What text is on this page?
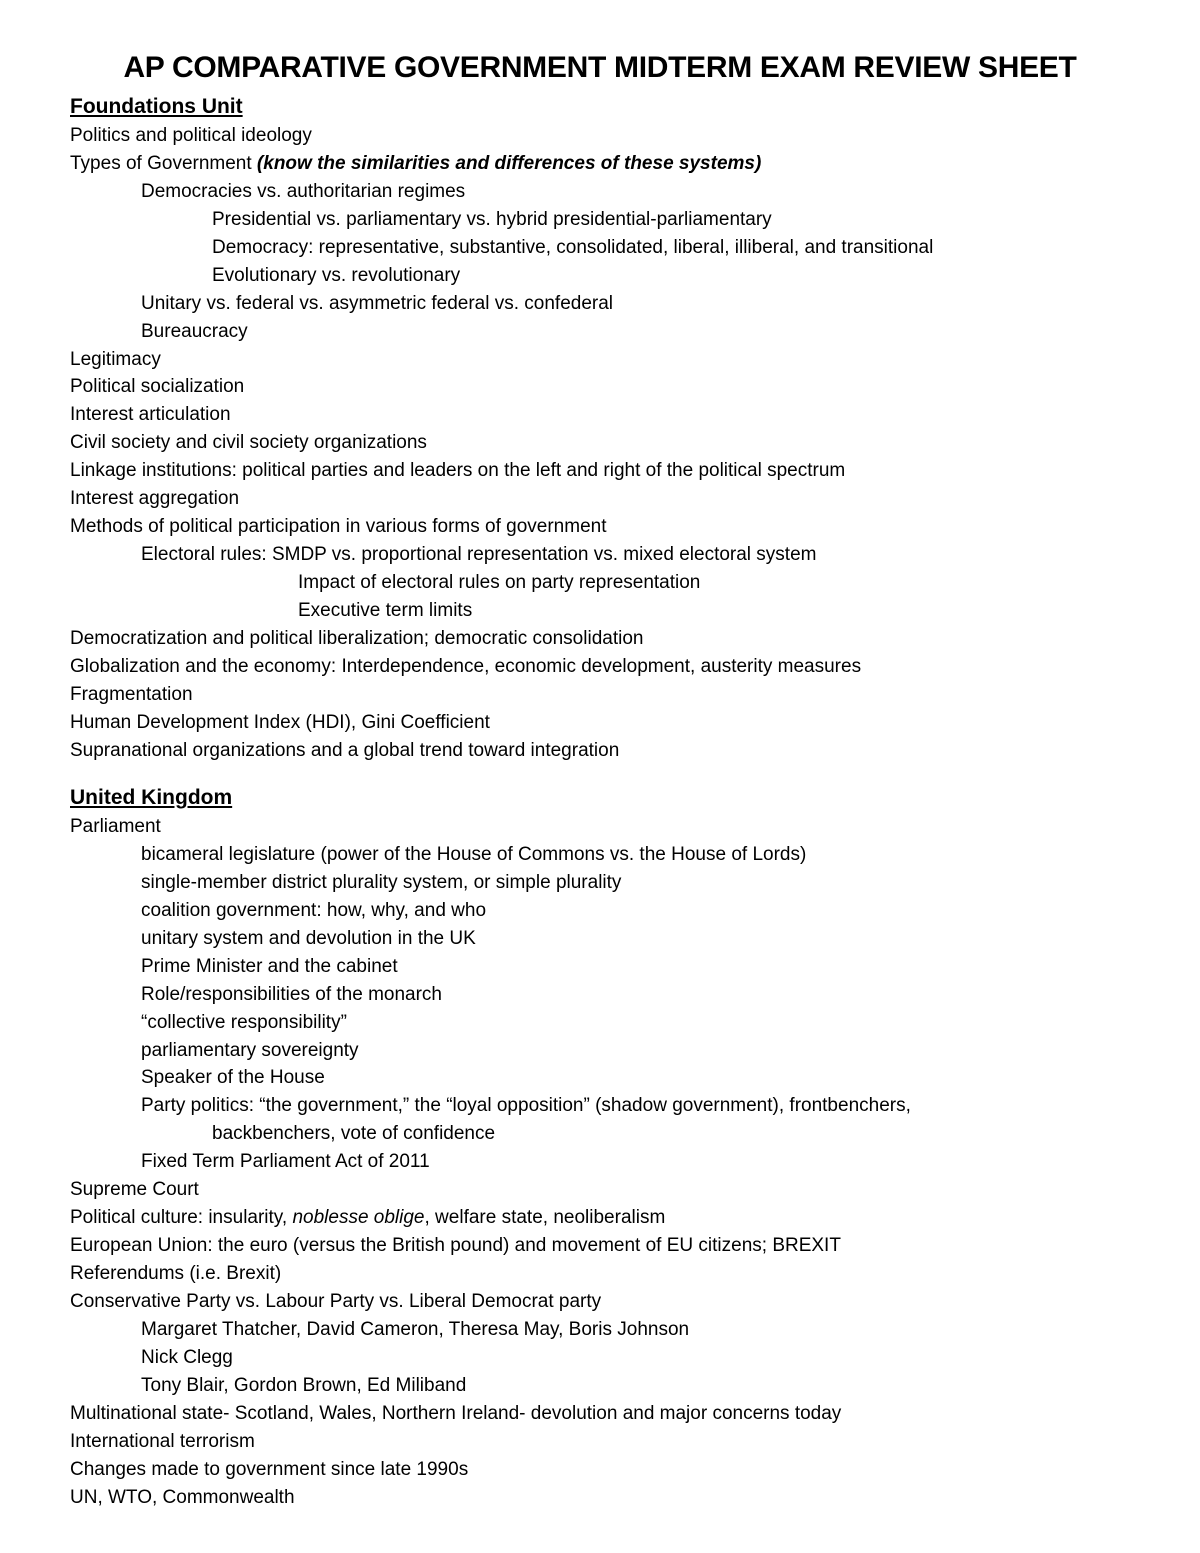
AP COMPARATIVE GOVERNMENT MIDTERM EXAM REVIEW SHEET
Foundations Unit
Politics and political ideology
Types of Government (know the similarities and differences of these systems)
Democracies vs. authoritarian regimes
Presidential vs. parliamentary vs. hybrid presidential-parliamentary
Democracy: representative, substantive, consolidated, liberal, illiberal, and transitional
Evolutionary vs. revolutionary
Unitary vs. federal vs. asymmetric federal vs. confederal
Bureaucracy
Legitimacy
Political socialization
Interest articulation
Civil society and civil society organizations
Linkage institutions: political parties and leaders on the left and right of the political spectrum
Interest aggregation
Methods of political participation in various forms of government
Electoral rules: SMDP vs. proportional representation vs. mixed electoral system
Impact of electoral rules on party representation
Executive term limits
Democratization and political liberalization; democratic consolidation
Globalization and the economy: Interdependence, economic development, austerity measures
Fragmentation
Human Development Index (HDI), Gini Coefficient
Supranational organizations and a global trend toward integration
United Kingdom
Parliament
bicameral legislature (power of the House of Commons vs. the House of Lords)
single-member district plurality system, or simple plurality
coalition government: how, why, and who
unitary system and devolution in the UK
Prime Minister and the cabinet
Role/responsibilities of the monarch
“collective responsibility”
parliamentary sovereignty
Speaker of the House
Party politics: “the government,” the “loyal opposition” (shadow government), frontbenchers,
backbenchers, vote of confidence
Fixed Term Parliament Act of 2011
Supreme Court
Political culture: insularity, noblesse oblige, welfare state, neoliberalism
European Union: the euro (versus the British pound) and movement of EU citizens; BREXIT
Referendums (i.e. Brexit)
Conservative Party vs. Labour Party vs. Liberal Democrat party
Margaret Thatcher, David Cameron, Theresa May, Boris Johnson
Nick Clegg
Tony Blair, Gordon Brown, Ed Miliband
Multinational state- Scotland, Wales, Northern Ireland- devolution and major concerns today
International terrorism
Changes made to government since late 1990s
UN, WTO, Commonwealth
